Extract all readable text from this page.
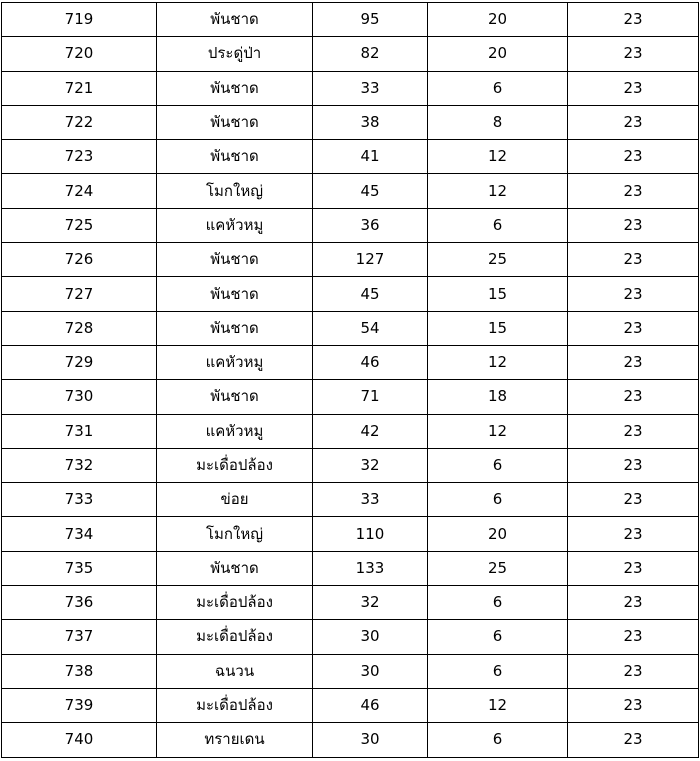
719	พันชาด	95	20	23
720	ประดู่ป่า	82	20	23
721	พันชาด	33	6	23
722	พันชาด	38	8	23
723	พันชาด	41	12	23
724	โมกใหญ่	45	12	23
725	แคหัวหมู	36	6	23
726	พันชาด	127	25	23
727	พันชาด	45	15	23
728	พันชาด	54	15	23
729	แคหัวหมู	46	12	23
730	พันชาด	71	18	23
731	แคหัวหมู	42	12	23
732	มะเดื่อปล้อง	32	6	23
733	ข่อย	33	6	23
734	โมกใหญ่	110	20	23
735	พันชาด	133	25	23
736	มะเดื่อปล้อง	32	6	23
737	มะเดื่อปล้อง	30	6	23
738	ฉนวน	30	6	23
739	มะเดื่อปล้อง	46	12	23
740	ทรายเดน	30	6	23
